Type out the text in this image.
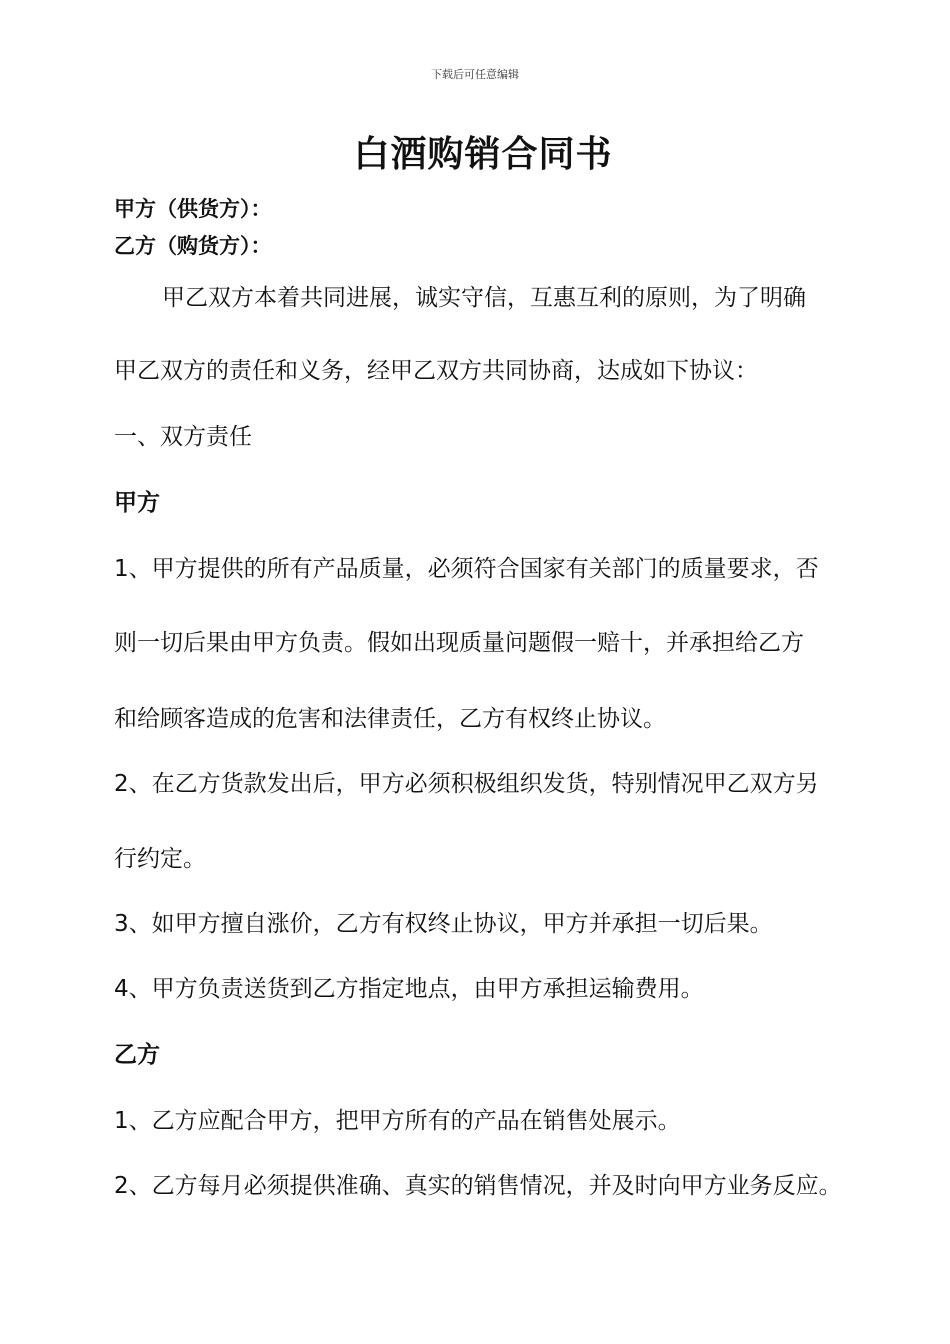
下载后可任意编辑
白酒购销合同书
甲方（供货方）：
乙方（购货方）：
甲乙双方本着共同进展，诚实守信，互惠互利的原则，为了明确
甲乙双方的责任和义务，经甲乙双方共同协商，达成如下协议：
一、双方责任
甲方
1、甲方提供的所有产品质量，必须符合国家有关部门的质量要求，否
则一切后果由甲方负责。假如出现质量问题假一赔十，并承担给乙方
和给顾客造成的危害和法律责任，乙方有权终止协议。
2、在乙方货款发出后，甲方必须积极组织发货，特别情况甲乙双方另
行约定。
3、如甲方擅自涨价，乙方有权终止协议，甲方并承担一切后果。
4、甲方负责送货到乙方指定地点，由甲方承担运输费用。
乙方
1、乙方应配合甲方，把甲方所有的产品在销售处展示。
2、乙方每月必须提供准确、真实的销售情况，并及时向甲方业务反应。
